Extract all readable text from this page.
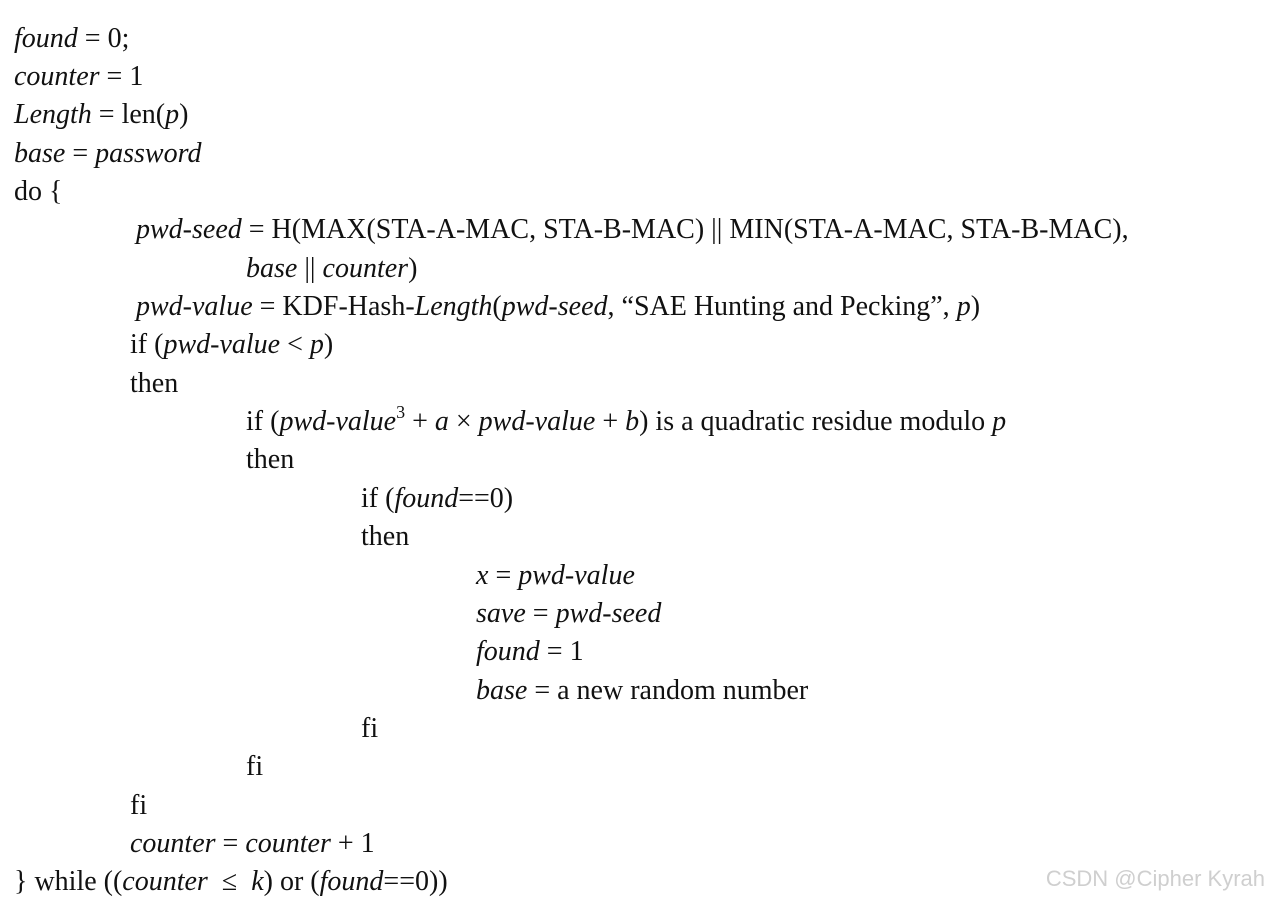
found = 0;
counter = 1
Length = len(p)
base = password
do {
pwd-seed = H(MAX(STA-A-MAC, STA-B-MAC) || MIN(STA-A-MAC, STA-B-MAC),
base || counter)
pwd-value = KDF-Hash-Length(pwd-seed, “SAE Hunting and Pecking”, p)
if (pwd-value < p)
then
if (pwd-value$^3$ + a × pwd-value + b) is a quadratic residue modulo p
then
if (found==0)
then
x = pwd-value
save = pwd-seed
found = 1
base = a new random number
fi
fi
fi
counter = counter + 1
} while ((counter  ≤  k) or (found==0))	CSDN @Cipher Kyrah
